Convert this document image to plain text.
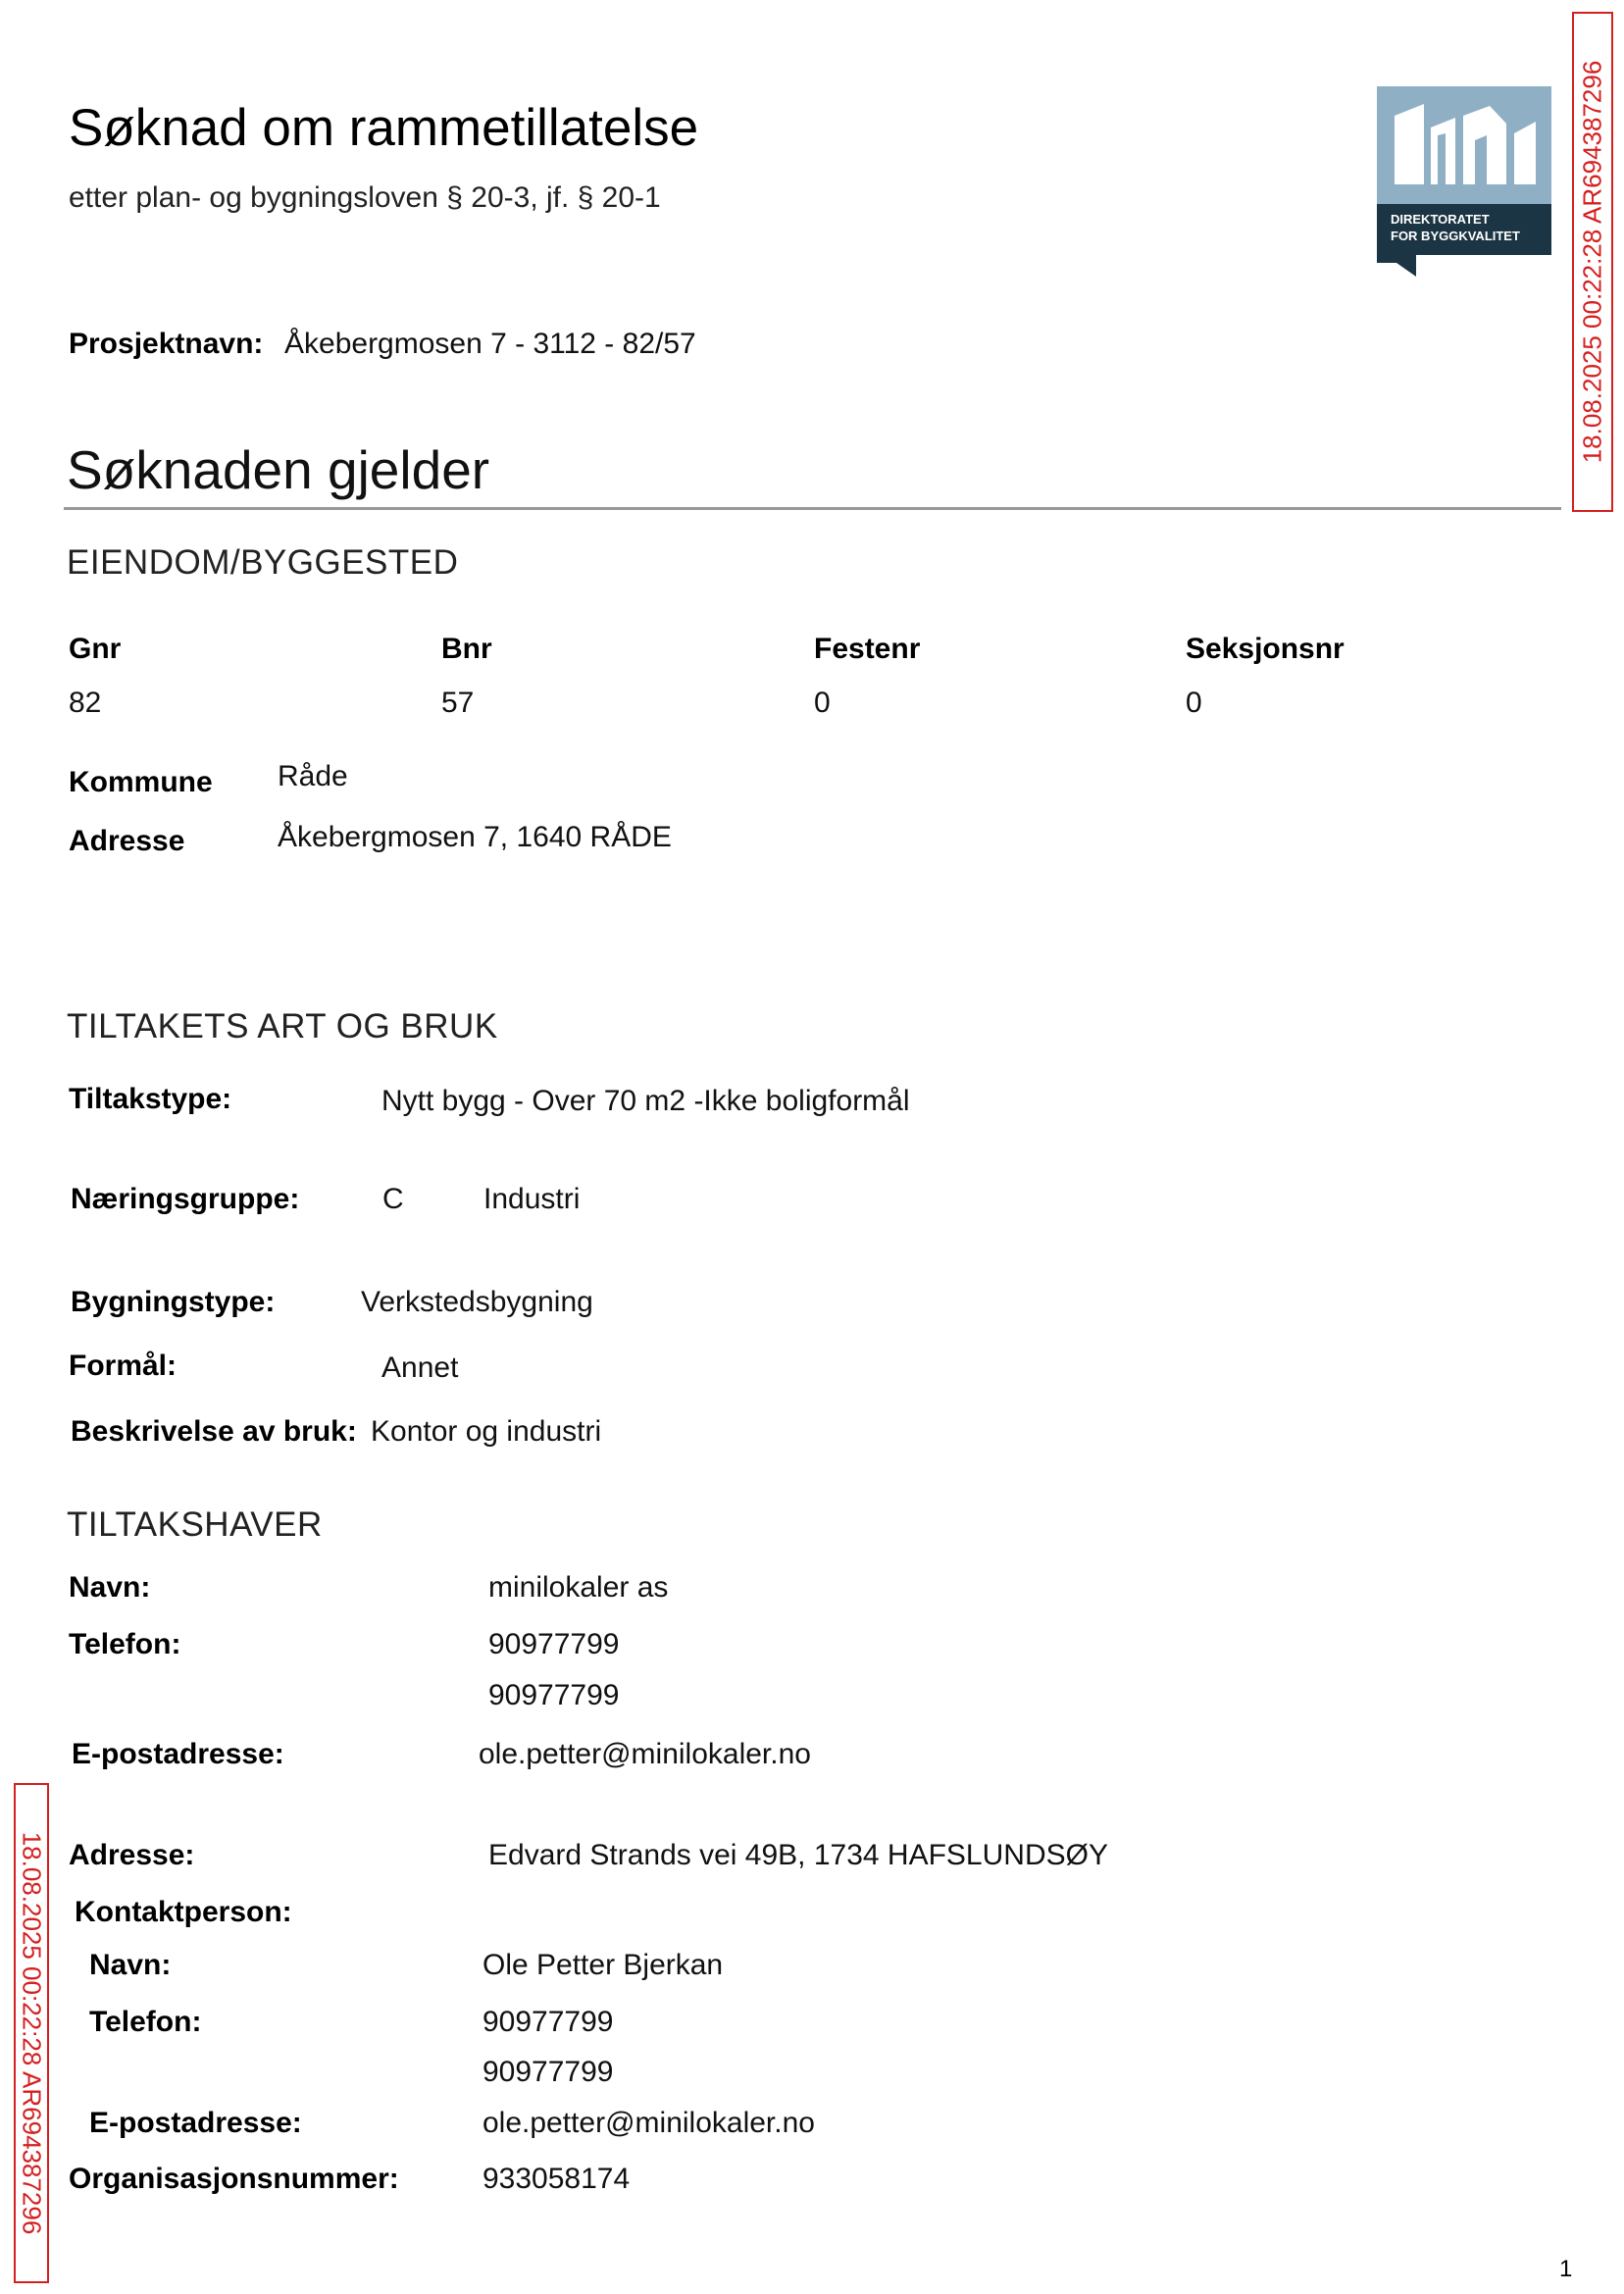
Søknad om rammetillatelse
etter plan- og bygningsloven § 20-3, jf. § 20-1
Prosjektnavn: Åkebergmosen 7 - 3112 - 82/57
DIREKTORATET
FOR BYGGKVALITET 18.08.2025 00:22:28 AR694387296
18.08.2025 00:22:28 AR694387296
Søknaden gjelder
EIENDOM/BYGGESTED
Gnr	Bnr	Festenr	Seksjonsnr
82	57	0	0
Kommune Råde
Adresse	Åkebergmosen 7, 1640 RÅDE
TILTAKETS ART OG BRUK
Tiltakstype:	Nytt bygg - Over 70 m2 -Ikke boligformål
Næringsgruppe:	C	Industri
Bygningstype:	Verkstedsbygning
Formål:	Annet
Beskrivelse av bruk: Kontor og industri
TILTAKSHAVER
Navn:	minilokaler as
Telefon:	90977799
90977799
E-postadresse:	ole.petter@minilokaler.no
Adresse:	Edvard Strands vei 49B, 1734 HAFSLUNDSØY
Kontaktperson:
Navn:	Ole Petter Bjerkan
Telefon:	90977799
90977799
E-postadresse:	ole.petter@minilokaler.no
Organisasjonsnummer:	933058174
1
